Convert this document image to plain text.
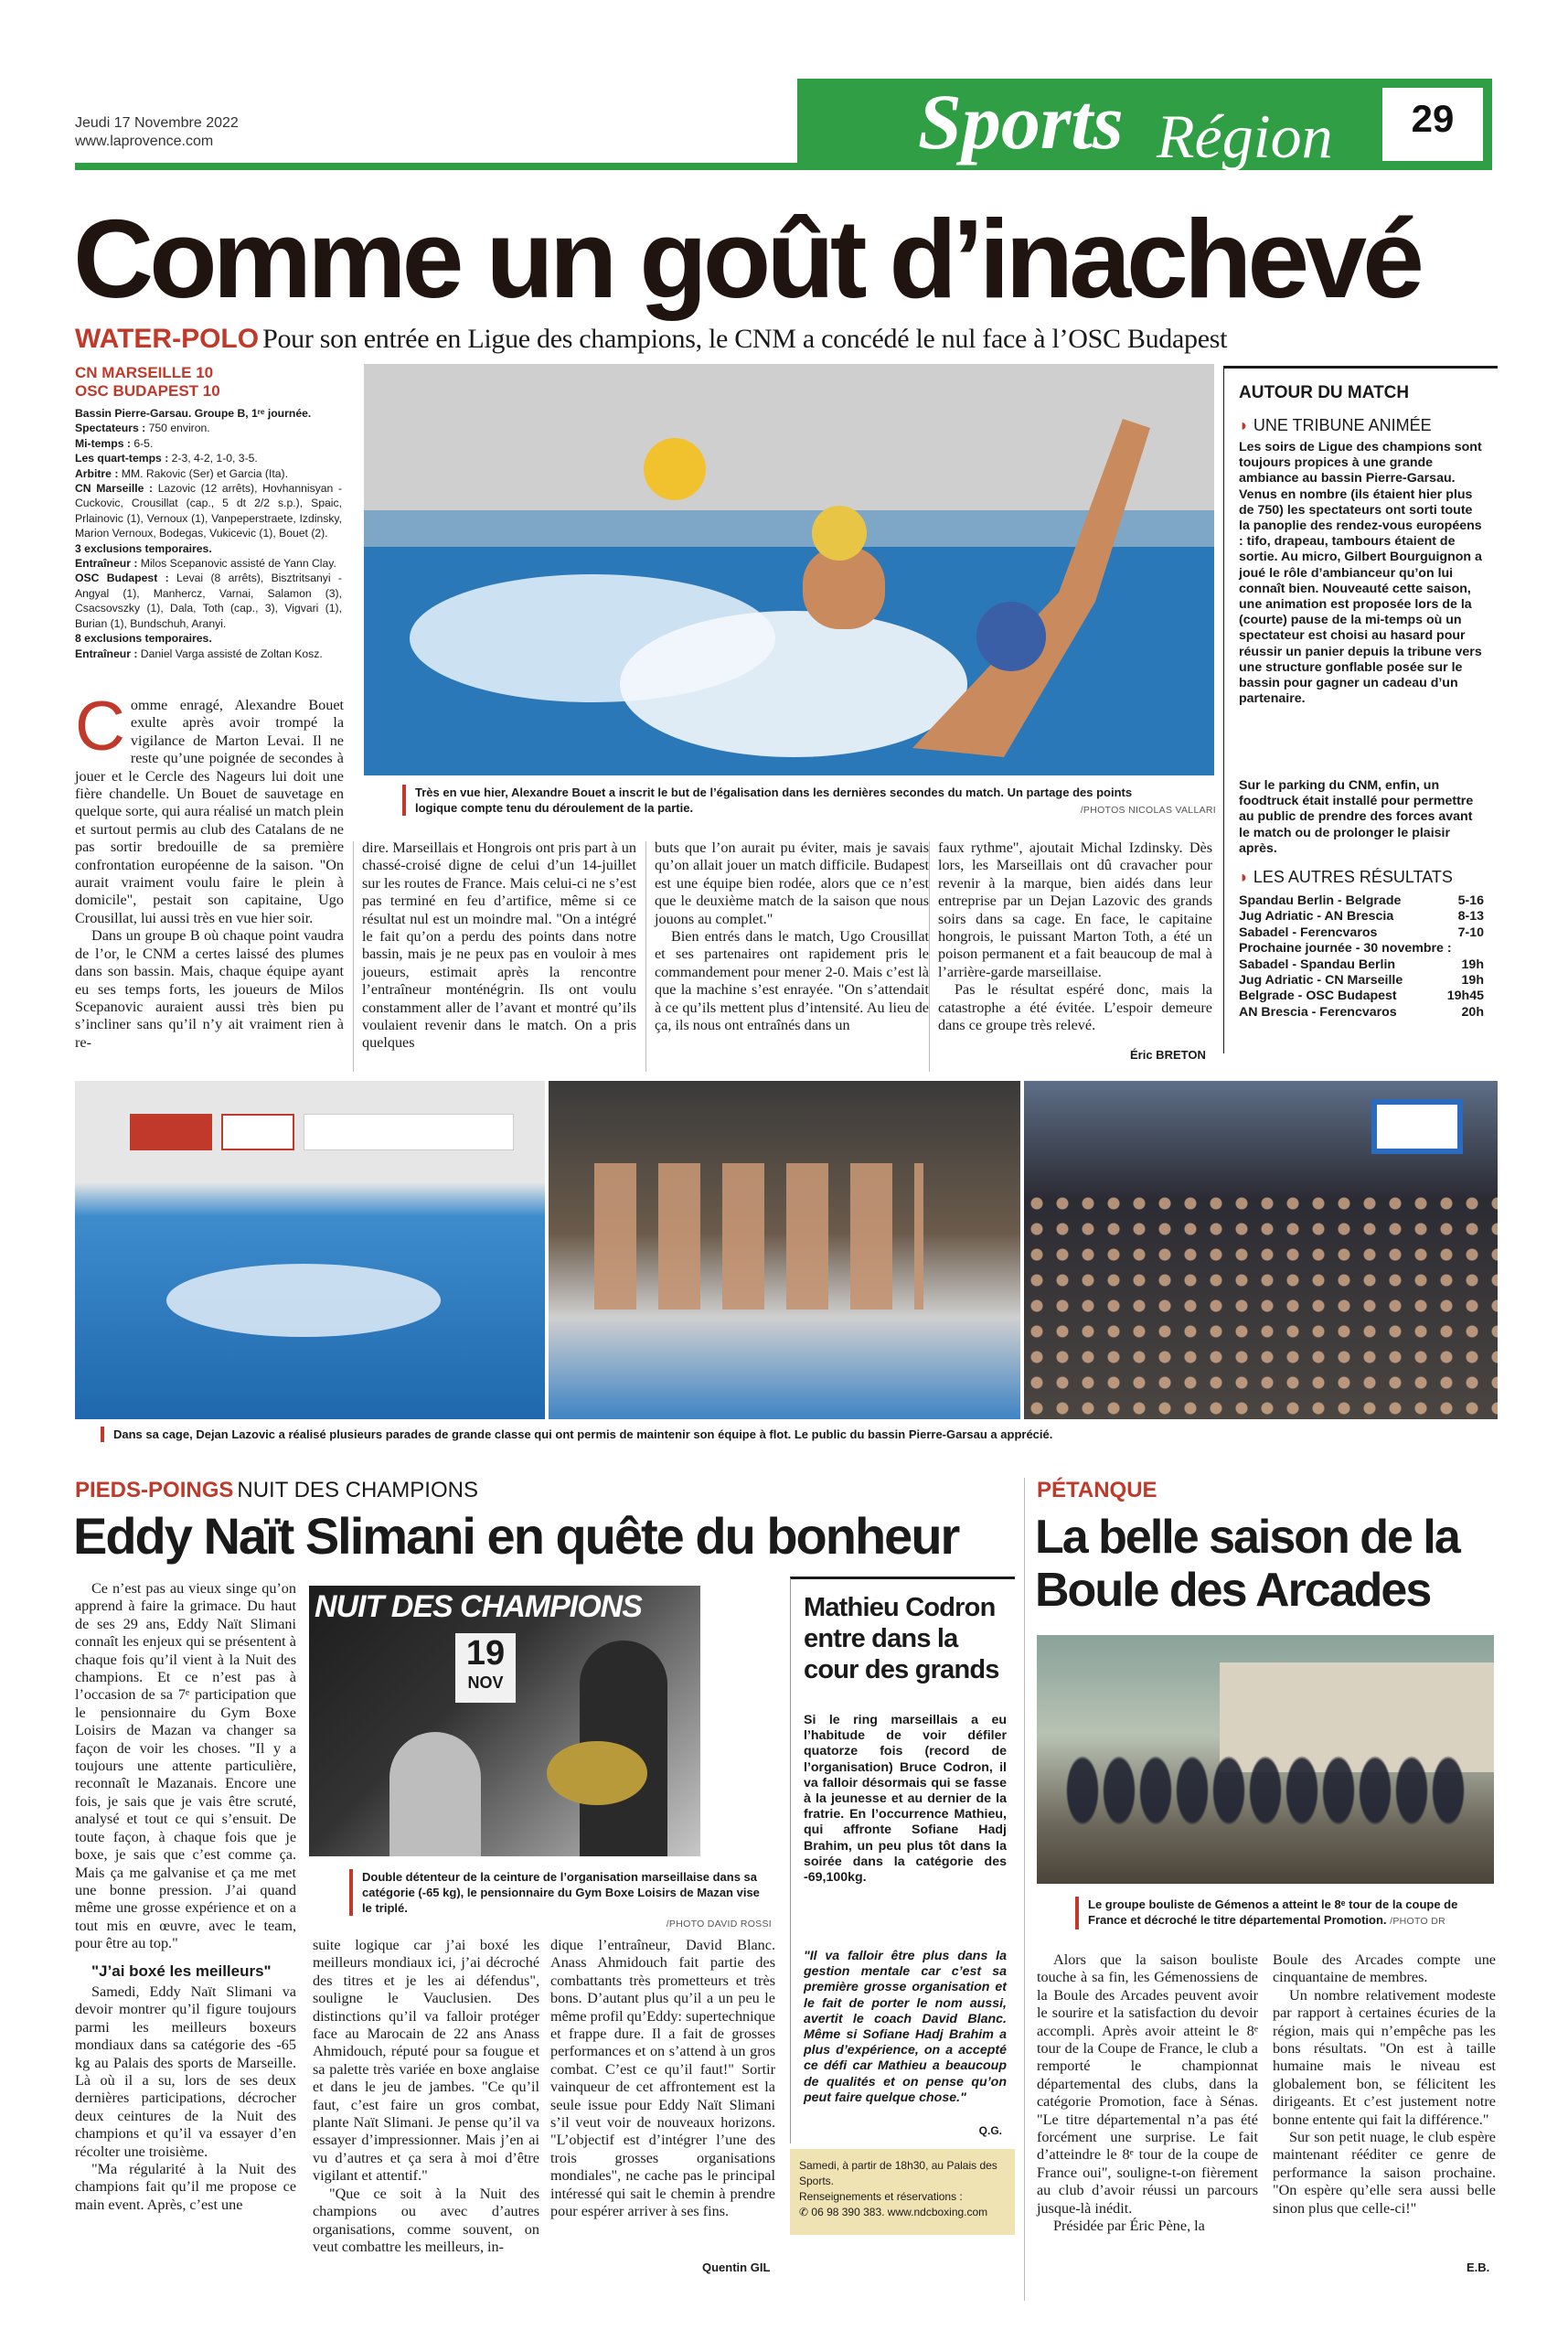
Jeudi 17 Novembre 2022
www.laprovence.com	Sports Région	29
Comme un goût d’inachevé
WATER-POLO Pour son entrée en Ligue des champions, le CNM a concédé le nul face à l’OSC Budapest
CN MARSEILLE 10
OSC BUDAPEST 10
Bassin Pierre-Garsau. Groupe B, 1ʳᵉ journée.
Spectateurs : 750 environ.
Mi-temps : 6-5.
Les quart-temps : 2-3, 4-2, 1-0, 3-5.
Arbitre : MM. Rakovic (Ser) et Garcia (Ita).
CN Marseille : Lazovic (12 arrêts), Hovhannisyan - Cuckovic, Crousillat (cap., 5 dt 2/2 s.p.), Spaic, Prlainovic (1), Vernoux (1), Vanpeperstraete, Izdinsky, Marion Vernoux, Bodegas, Vukicevic (1), Bouet (2).
3 exclusions temporaires.
Entraîneur : Milos Scepanovic assisté de Yann Clay.
OSC Budapest : Levai (8 arrêts), Bisztritsanyi - Angyal (1), Manhercz, Varnai, Salamon (3), Csacsovszky (1), Dala, Toth (cap., 3), Vigvari (1), Burian (1), Bundschuh, Aranyi.
8 exclusions temporaires.
Entraîneur : Daniel Varga assisté de Zoltan Kosz.
Très en vue hier, Alexandre Bouet a inscrit le but de l’égalisation dans les dernières secondes du match. Un partage des points logique compte tenu du déroulement de la partie.	/PHOTOS NICOLAS VALLARI

Comme enragé, Alexandre Bouet exulte après avoir trompé la vigilance de Marton Levai. Il ne reste qu’une poignée de secondes à jouer et le Cercle des Nageurs lui doit une fière chandelle. Un Bouet de sauvetage en quelque sorte, qui aura réalisé un match plein et surtout permis au club des Catalans de ne pas sortir bredouille de sa première confrontation européenne de la saison. "On aurait vraiment voulu faire le plein à domicile", pestait son capitaine, Ugo Crousillat, lui aussi très en vue hier soir.

Dans un groupe B où chaque point vaudra de l’or, le CNM a certes laissé des plumes dans son bassin. Mais, chaque équipe ayant eu ses temps forts, les joueurs de Milos Scepanovic auraient aussi très bien pu s’incliner sans qu’il n’y ait vraiment rien à re-

dire. Marseillais et Hongrois ont pris part à un chassé-croisé digne de celui d’un 14-juillet sur les routes de France. Mais celui-ci ne s’est pas terminé en feu d’artifice, même si ce résultat nul est un moindre mal. "On a intégré le fait qu’on a perdu des points dans notre bassin, mais je ne peux pas en vouloir à mes joueurs, estimait après la rencontre l’entraîneur monténégrin. Ils ont voulu constamment aller de l’avant et montré qu’ils voulaient revenir dans le match. On a pris quelques

buts que l’on aurait pu éviter, mais je savais qu’on allait jouer un match difficile. Budapest est une équipe bien rodée, alors que ce n’est que le deuxième match de la saison que nous jouons au complet."

Bien entrés dans le match, Ugo Crousillat et ses partenaires ont rapidement pris le commandement pour mener 2-0. Mais c’est là que la machine s’est enrayée. "On s’attendait à ce qu’ils mettent plus d’intensité. Au lieu de ça, ils nous ont entraînés dans un

faux rythme", ajoutait Michal Izdinsky. Dès lors, les Marseillais ont dû cravacher pour revenir à la marque, bien aidés dans leur entreprise par un Dejan Lazovic des grands soirs dans sa cage. En face, le capitaine hongrois, le puissant Marton Toth, a été un poison permanent et a fait beaucoup de mal à l’arrière-garde marseillaise.

Pas le résultat espéré donc, mais la catastrophe a été évitée. L’espoir demeure dans ce groupe très relevé.

Éric BRETON
AUTOUR DU MATCH
◗ UNE TRIBUNE ANIMÉE
Les soirs de Ligue des champions sont toujours propices à une grande ambiance au bassin Pierre-Garsau. Venus en nombre (ils étaient hier plus de 750) les spectateurs ont sorti toute la panoplie des rendez-vous européens : tifo, drapeau, tambours étaient de sortie. Au micro, Gilbert Bourguignon a joué le rôle d’ambianceur qu’on lui connaît bien. Nouveauté cette saison, une animation est proposée lors de la (courte) pause de la mi-temps où un spectateur est choisi au hasard pour réussir un panier depuis la tribune vers une structure gonflable posée sur le bassin pour gagner un cadeau d’un partenaire.
Sur le parking du CNM, enfin, un foodtruck était installé pour permettre au public de prendre des forces avant le match ou de prolonger le plaisir après.
◗ LES AUTRES RÉSULTATS
Spandau Berlin - Belgrade	5-16
Jug Adriatic - AN Brescia	8-13
Sabadel - Ferencvaros	7-10
Prochaine journée - 30 novembre :
Sabadel - Spandau Berlin	19h
Jug Adriatic - CN Marseille	19h
Belgrade - OSC Budapest	19h45
AN Brescia - Ferencvaros	20h
Dans sa cage, Dejan Lazovic a réalisé plusieurs parades de grande classe qui ont permis de maintenir son équipe à flot. Le public du bassin Pierre-Garsau a apprécié.
PIEDS-POINGS NUIT DES CHAMPIONS
Eddy Naït Slimani en quête du bonheur

Ce n’est pas au vieux singe qu’on apprend à faire la grimace. Du haut de ses 29 ans, Eddy Naït Slimani connaît les enjeux qui se présentent à chaque fois qu’il vient à la Nuit des champions. Et ce n’est pas à l’occasion de sa 7ᵉ participation que le pensionnaire du Gym Boxe Loisirs de Mazan va changer sa façon de voir les choses. "Il y a toujours une attente particulière, reconnaît le Mazanais. Encore une fois, je sais que je vais être scruté, analysé et tout ce qui s’ensuit. De toute façon, à chaque fois que je boxe, je sais que c’est comme ça. Mais ça me galvanise et ça me met une bonne pression. J’ai quand même une grosse expérience et on a tout mis en œuvre, avec le team, pour être au top."

"J’ai boxé les meilleurs"

Samedi, Eddy Naït Slimani va devoir montrer qu’il figure toujours parmi les meilleurs boxeurs mondiaux dans sa catégorie des -65 kg au Palais des sports de Marseille. Là où il a su, lors de ses deux dernières participations, décrocher deux ceintures de la Nuit des champions et qu’il va essayer d’en récolter une troisième.

"Ma régularité à la Nuit des champions fait qu’il me propose ce main event. Après, c’est une

NUIT DES CHAMPIONS
19
NOV
Double détenteur de la ceinture de l’organisation marseillaise dans sa catégorie (-65 kg), le pensionnaire du Gym Boxe Loisirs de Mazan vise le triplé.
/PHOTO DAVID ROSSI

suite logique car j’ai boxé les meilleurs mondiaux ici, j’ai décroché des titres et je les ai défendus", souligne le Vauclusien. Des distinctions qu’il va falloir protéger face au Marocain de 22 ans Anass Ahmidouch, réputé pour sa fougue et sa palette très variée en boxe anglaise et dans le jeu de jambes. "Ce qu’il faut, c’est faire un gros combat, plante Naït Slimani. Je pense qu’il va essayer d’impressionner. Mais j’en ai vu d’autres et ça sera à moi d’être vigilant et attentif."

"Que ce soit à la Nuit des champions ou avec d’autres organisations, comme souvent, on veut combattre les meilleurs, in-

dique l’entraîneur, David Blanc. Anass Ahmidouch fait partie des combattants très prometteurs et très bons. D’autant plus qu’il a un peu le même profil qu’Eddy: supertechnique et frappe dure. Il a fait de grosses performances et on s’attend à un gros combat. C’est ce qu’il faut!" Sortir vainqueur de cet affrontement est la seule issue pour Eddy Naït Slimani s’il veut voir de nouveaux horizons. "L’objectif est d’intégrer l’une des trois grosses organisations mondiales", ne cache pas le principal intéressé qui sait le chemin à prendre pour espérer arriver à ses fins.

Quentin GIL
Mathieu Codron entre dans la cour des grands
Si le ring marseillais a eu l’habitude de voir défiler quatorze fois (record de l’organisation) Bruce Codron, il va falloir désormais qui se fasse à la jeunesse et au dernier de la fratrie. En l’occurrence Mathieu, qui affronte Sofiane Hadj Brahim, un peu plus tôt dans la soirée dans la catégorie des -69,100kg.
"Il va falloir être plus dans la gestion mentale car c’est sa première grosse organisation et le fait de porter le nom aussi, avertit le coach David Blanc. Même si Sofiane Hadj Brahim a plus d’expérience, on a accepté ce défi car Mathieu a beaucoup de qualités et on pense qu’on peut faire quelque chose."
Q.G.
Samedi, à partir de 18h30, au Palais des Sports.
Renseignements et réservations :
✆ 06 98 390 383. www.ndcboxing.com
PÉTANQUE
La belle saison de la Boule des Arcades
Le groupe bouliste de Gémenos a atteint le 8ᵉ tour de la coupe de France et décroché le titre départemental Promotion. /PHOTO DR

Alors que la saison bouliste touche à sa fin, les Gémenossiens de la Boule des Arcades peuvent avoir le sourire et la satisfaction du devoir accompli. Après avoir atteint le 8ᵉ tour de la Coupe de France, le club a remporté le championnat départemental des clubs, dans la catégorie Promotion, face à Sénas. "Le titre départemental n’a pas été forcément une surprise. Le fait d’atteindre le 8ᵉ tour de la coupe de France oui", souligne-t-on fièrement au club d’avoir réussi un parcours jusque-là inédit.

Présidée par Éric Pène, la

Boule des Arcades compte une cinquantaine de membres.

Un nombre relativement modeste par rapport à certaines écuries de la région, mais qui n’empêche pas les bons résultats. "On est à taille humaine mais le niveau est globalement bon, se félicitent les dirigeants. Et c’est justement notre bonne entente qui fait la différence."

Sur son petit nuage, le club espère maintenant rééditer ce genre de performance la saison prochaine. "On espère qu’elle sera aussi belle sinon plus que celle-ci!"

E.B.
